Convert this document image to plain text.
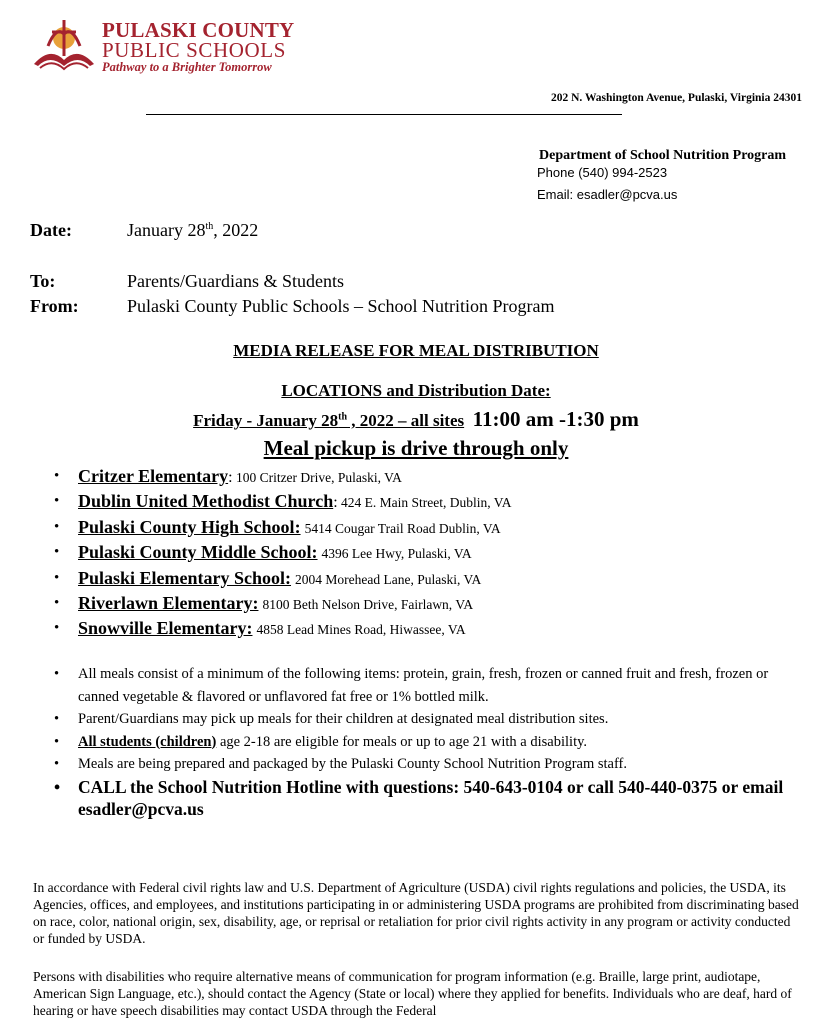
PULASKI COUNTY
PUBLIC SCHOOLS
Pathway to a Brighter Tomorrow
202 N. Washington Avenue, Pulaski, Virginia 24301
Department of School Nutrition Program
Phone (540) 994-2523
Email: esadler@pcva.us
Date:	January 28th, 2022
To:	Parents/Guardians & Students
From:	Pulaski County Public Schools – School Nutrition Program
MEDIA RELEASE FOR MEAL DISTRIBUTION
LOCATIONS and Distribution Date:
Friday - January 28th , 2022 – all sites 11:00 am -1:30 pm
Meal pickup is drive through only
• Critzer Elementary: 100 Critzer Drive, Pulaski, VA
• Dublin United Methodist Church: 424 E. Main Street, Dublin, VA
• Pulaski County High School: 5414 Cougar Trail Road Dublin, VA
• Pulaski County Middle School: 4396 Lee Hwy, Pulaski, VA
• Pulaski Elementary School: 2004 Morehead Lane, Pulaski, VA
• Riverlawn Elementary: 8100 Beth Nelson Drive, Fairlawn, VA
• Snowville Elementary: 4858 Lead Mines Road, Hiwassee, VA
• All meals consist of a minimum of the following items: protein, grain, fresh, frozen or canned fruit and fresh, frozen or canned vegetable & flavored or unflavored fat free or 1% bottled milk.
• Parent/Guardians may pick up meals for their children at designated meal distribution sites.
• All students (children) age 2-18 are eligible for meals or up to age 21 with a disability.
• Meals are being prepared and packaged by the Pulaski County School Nutrition Program staff.
• CALL the School Nutrition Hotline with questions: 540-643-0104 or call 540-440-0375 or email esadler@pcva.us
In accordance with Federal civil rights law and U.S. Department of Agriculture (USDA) civil rights regulations and policies, the USDA, its Agencies, offices, and employees, and institutions participating in or administering USDA programs are prohibited from discriminating based on race, color, national origin, sex, disability, age, or reprisal or retaliation for prior civil rights activity in any program or activity conducted or funded by USDA.
Persons with disabilities who require alternative means of communication for program information (e.g. Braille, large print, audiotape, American Sign Language, etc.), should contact the Agency (State or local) where they applied for benefits. Individuals who are deaf, hard of hearing or have speech disabilities may contact USDA through the Federal
